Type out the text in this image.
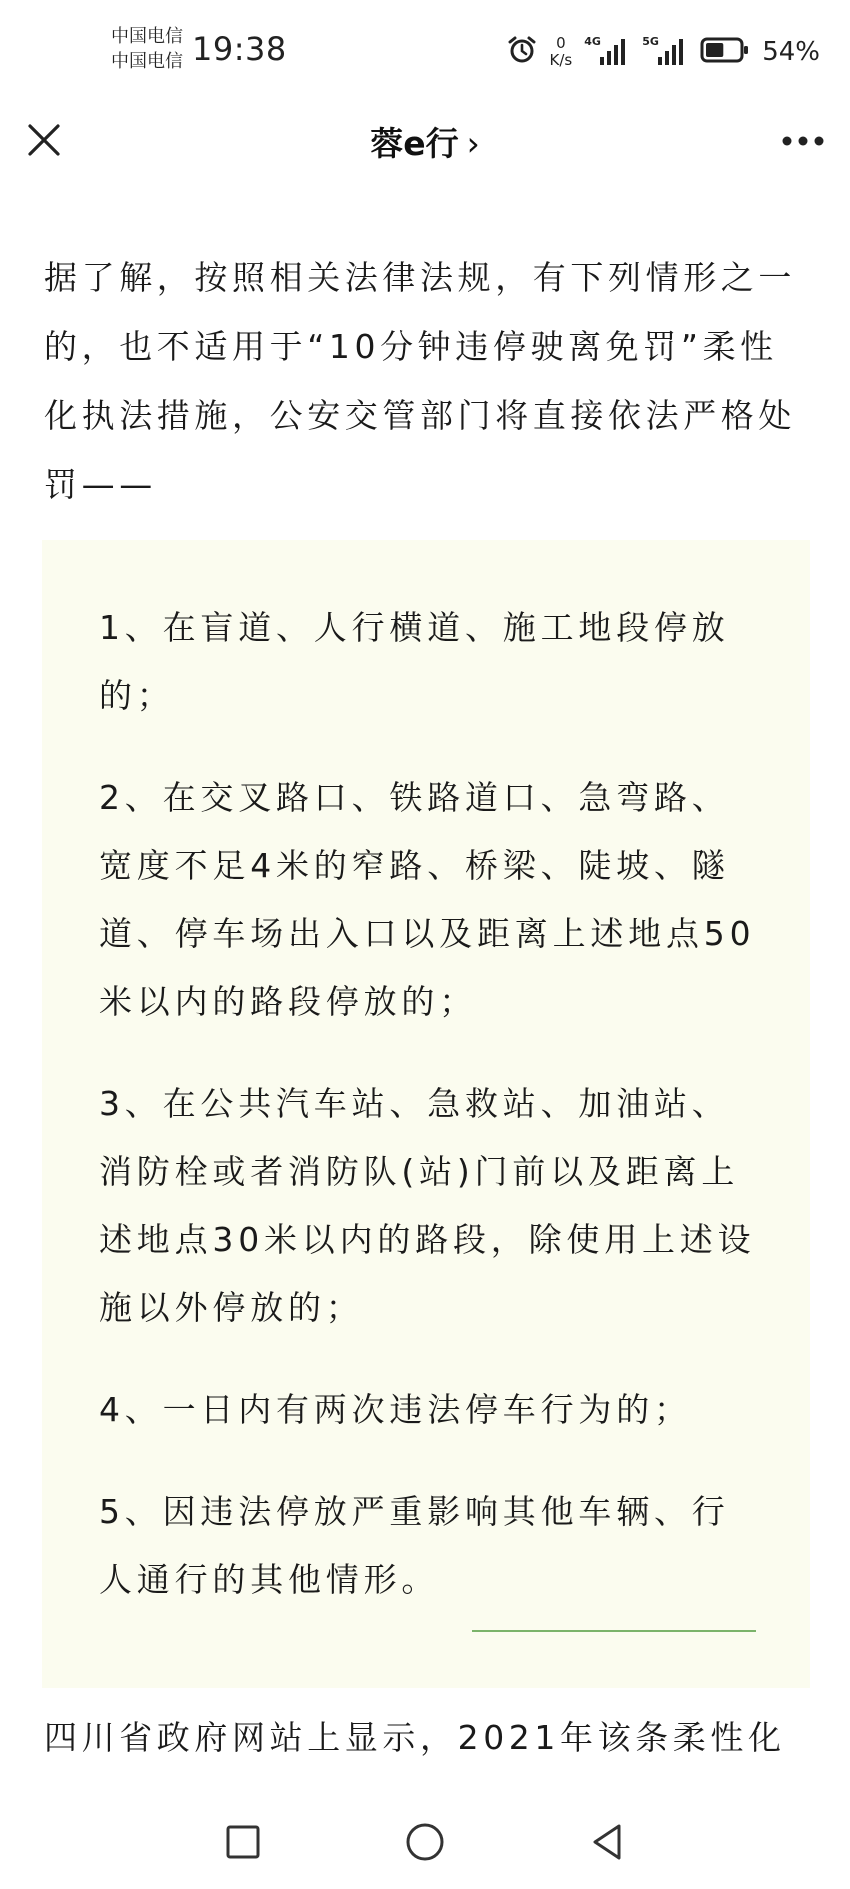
中国电信
中国电信 19:38	0
K/s
4G	5G	54%
蓉e行 ›

据了解，按照相关法律法规，有下列情形之一的，也不适用于“10分钟违停驶离免罚”柔性化执法措施，公安交管部门将直接依法严格处罚——

1、在盲道、人行横道、施工地段停放的；

2、在交叉路口、铁路道口、急弯路、宽度不足4米的窄路、桥梁、陡坡、隧道、停车场出入口以及距离上述地点50米以内的路段停放的；

3、在公共汽车站、急救站、加油站、消防栓或者消防队(站)门前以及距离上述地点30米以内的路段，除使用上述设施以外停放的；

4、一日内有两次违法停车行为的；

5、因违法停放严重影响其他车辆、行人通行的其他情形。

四川省政府网站上显示，2021年该条柔性化
